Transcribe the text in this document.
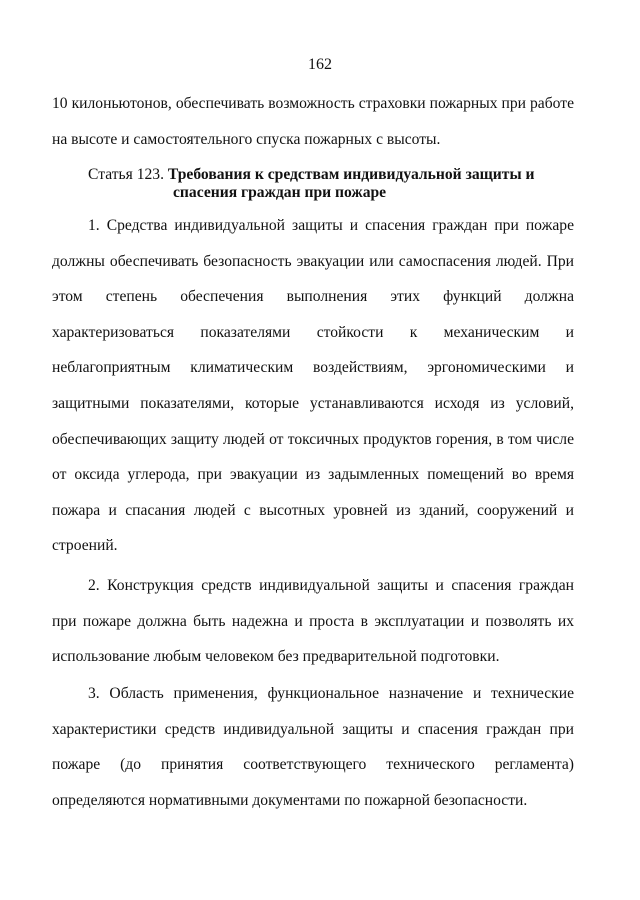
162

10 килоньютонов, обеспечивать возможность страховки пожарных при работе на высоте и самостоятельного спуска пожарных с высоты.

Статья 123. Требования к средствам индивидуальной защиты и
спасения граждан при пожаре

1. Средства индивидуальной защиты и спасения граждан при пожаре должны обеспечивать безопасность эвакуации или самоспасения людей. При этом степень обеспечения выполнения этих функций должна характеризоваться показателями стойкости к механическим и неблагоприятным климатическим воздействиям, эргономическими и защитными показателями, которые устанавливаются исходя из условий, обеспечивающих защиту людей от токсичных продуктов горения, в том числе от оксида углерода, при эвакуации из задымленных помещений во время пожара и спасания людей с высотных уровней из зданий, сооружений и строений.

2. Конструкция средств индивидуальной защиты и спасения граждан при пожаре должна быть надежна и проста в эксплуатации и позволять их использование любым человеком без предварительной подготовки.

3. Область применения, функциональное назначение и технические характеристики средств индивидуальной защиты и спасения граждан при пожаре (до принятия соответствующего технического регламента) определяются нормативными документами по пожарной безопасности.
